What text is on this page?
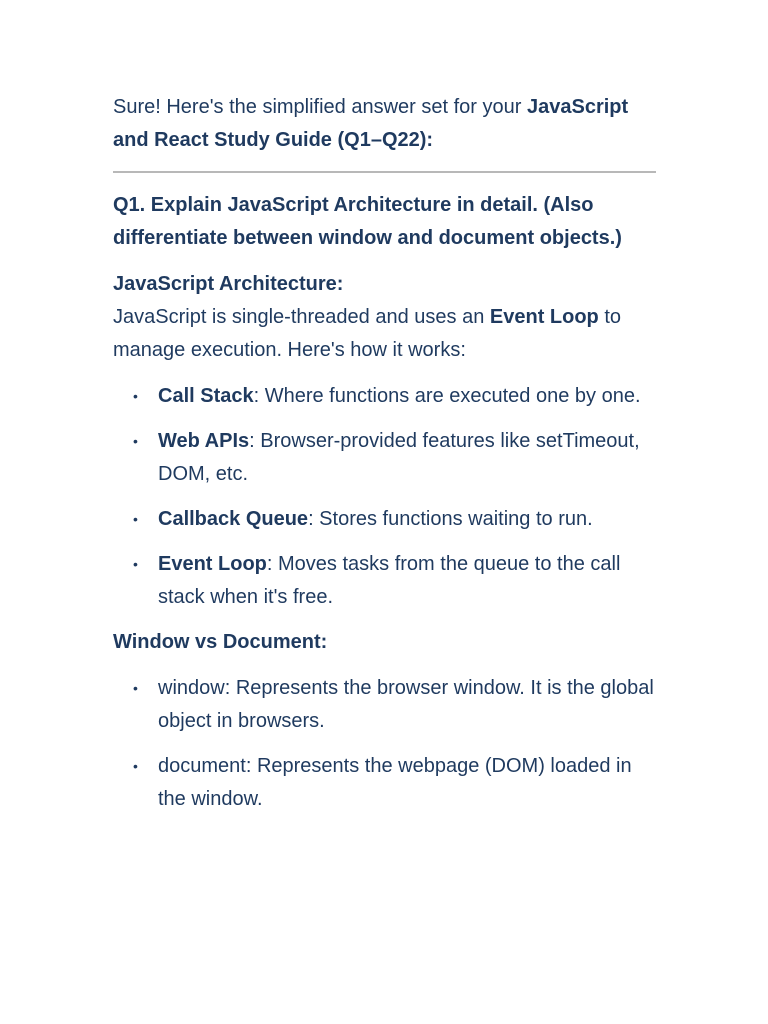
Sure! Here's the simplified answer set for your JavaScript and React Study Guide (Q1–Q22):

Q1. Explain JavaScript Architecture in detail. (Also differentiate between window and document objects.)

JavaScript Architecture:

JavaScript is single-threaded and uses an Event Loop to manage execution. Here's how it works:

• Call Stack: Where functions are executed one by one.
• Web APIs: Browser-provided features like setTimeout, DOM, etc.
• Callback Queue: Stores functions waiting to run.
• Event Loop: Moves tasks from the queue to the call stack when it's free.

Window vs Document:

• window: Represents the browser window. It is the global object in browsers.
• document: Represents the webpage (DOM) loaded in the window.
